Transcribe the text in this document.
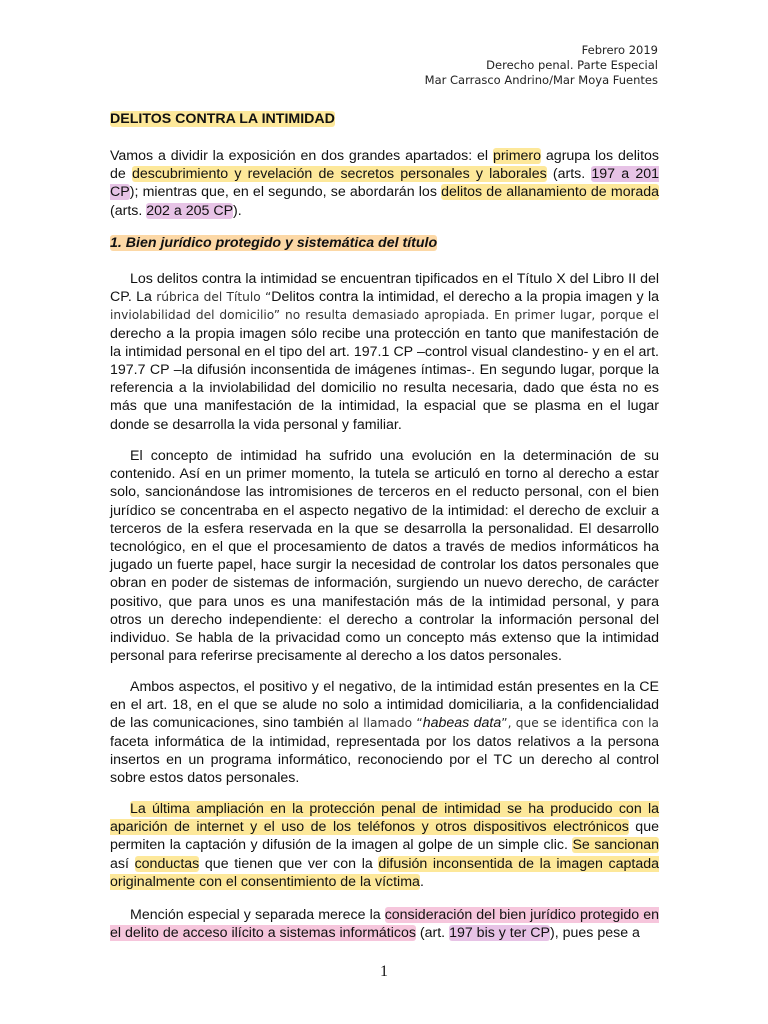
Febrero 2019
Derecho penal. Parte Especial
Mar Carrasco Andrino/Mar Moya Fuentes
DELITOS CONTRA LA INTIMIDAD

Vamos a dividir la exposición en dos grandes apartados: el primero agrupa los delitos de descubrimiento y revelación de secretos personales y laborales (arts. 197 a 201 CP); mientras que, en el segundo, se abordarán los delitos de allanamiento de morada (arts. 202 a 205 CP).

1. Bien jurídico protegido y sistemática del título

Los delitos contra la intimidad se encuentran tipificados en el Título X del Libro II del CP. La rúbrica del Título “Delitos contra la intimidad, el derecho a la propia imagen y la inviolabilidad del domicilio” no resulta demasiado apropiada. En primer lugar, porque el derecho a la propia imagen sólo recibe una protección en tanto que manifestación de la intimidad personal en el tipo del art. 197.1 CP –control visual clandestino- y en el art. 197.7 CP –la difusión inconsentida de imágenes íntimas-. En segundo lugar, porque la referencia a la inviolabilidad del domicilio no resulta necesaria, dado que ésta no es más que una manifestación de la intimidad, la espacial que se plasma en el lugar donde se desarrolla la vida personal y familiar.

El concepto de intimidad ha sufrido una evolución en la determinación de su contenido. Así en un primer momento, la tutela se articuló en torno al derecho a estar solo, sancionándose las intromisiones de terceros en el reducto personal, con el bien jurídico se concentraba en el aspecto negativo de la intimidad: el derecho de excluir a terceros de la esfera reservada en la que se desarrolla la personalidad. El desarrollo tecnológico, en el que el procesamiento de datos a través de medios informáticos ha jugado un fuerte papel, hace surgir la necesidad de controlar los datos personales que obran en poder de sistemas de información, surgiendo un nuevo derecho, de carácter positivo, que para unos es una manifestación más de la intimidad personal, y para otros un derecho independiente: el derecho a controlar la información personal del individuo. Se habla de la privacidad como un concepto más extenso que la intimidad personal para referirse precisamente al derecho a los datos personales.

Ambos aspectos, el positivo y el negativo, de la intimidad están presentes en la CE en el art. 18, en el que se alude no solo a intimidad domiciliaria, a la confidencialidad de las comunicaciones, sino también al llamado “habeas data”, que se identifica con la faceta informática de la intimidad, representada por los datos relativos a la persona insertos en un programa informático, reconociendo por el TC un derecho al control sobre estos datos personales.

La última ampliación en la protección penal de intimidad se ha producido con la aparición de internet y el uso de los teléfonos y otros dispositivos electrónicos que permiten la captación y difusión de la imagen al golpe de un simple clic. Se sancionan así conductas que tienen que ver con la difusión inconsentida de la imagen captada originalmente con el consentimiento de la víctima.

Mención especial y separada merece la consideración del bien jurídico protegido en el delito de acceso ilícito a sistemas informáticos (art. 197 bis y ter CP), pues pese a

1
